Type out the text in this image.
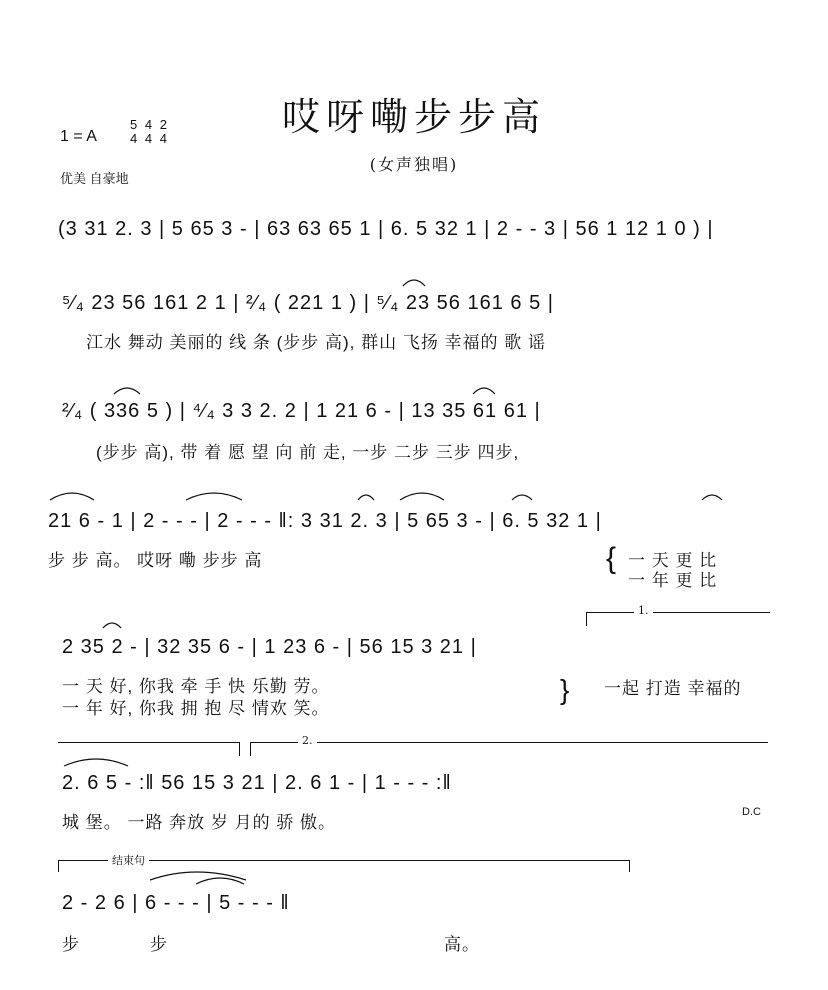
哎呀嘞步步高
(女声独唱)
1 = A
5
4 4
4 2
4
优美 自豪地
(3 31 2. 3 | 5 65 3 - | 63 63 65 1 | 6. 5 32 1 | 2 - - 3 | 56 1 12 1 0 ) |
⁵⁄₄ 23 56 161 2 1 | ²⁄₄ ( 221 1 ) | ⁵⁄₄ 23 56 161 6 5 |
江水 舞动 美丽的 线 条 (步步 高), 群山 飞扬 幸福的 歌 谣
²⁄₄ ( 336 5 ) | ⁴⁄₄ 3 3 2. 2 | 1 21 6 - | 13 35 61 61 |
(步步 高), 带 着 愿 望 向 前 走, 一步 二步 三步 四步,
21 6 - 1 | 2 - - - | 2 - - - ‖: 3 31 2. 3 | 5 65 3 - | 6. 5 32 1 |
步 步 高。 哎呀 嘞 步步 高	{ 一 天 更 比
一 年 更 比
1.
2 35 2 - | 32 35 6 - | 1 23 6 - | 56 15 3 21 |
一 天 好, 你我 牵 手 快 乐勤 劳。
一 年 好, 你我 拥 抱 尽 情欢 笑。
} 一起 打造 幸福的
2.
2. 6 5 - :‖ 56 15 3 21 | 2. 6 1 - | 1 - - - :‖
城 堡。 一路 奔放 岁 月的 骄 傲。
D.C
结束句
2 - 2 6 | 6 - - - | 5 - - - ‖
步	步	高。
